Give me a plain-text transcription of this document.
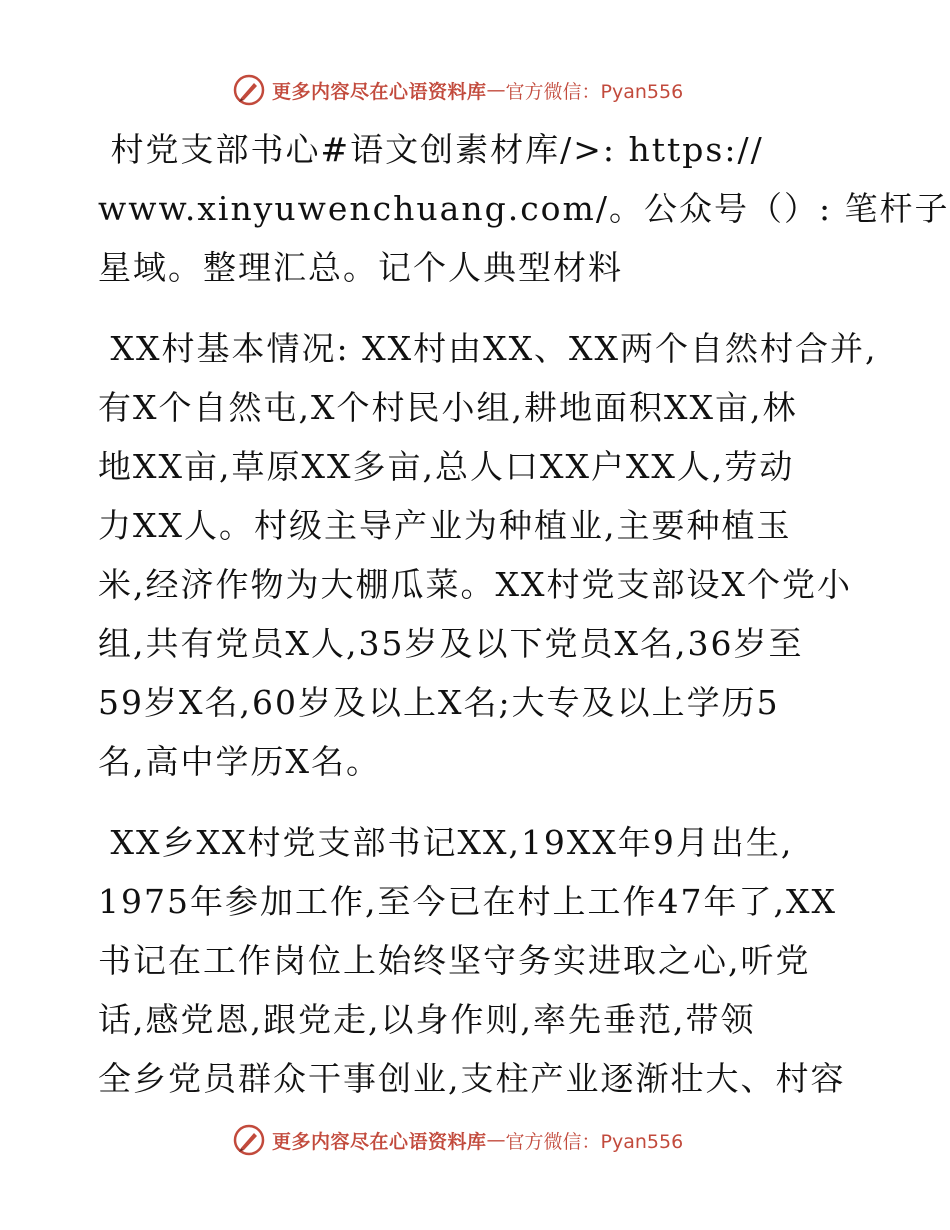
更多内容尽在心语资料库 — 官方微信：Pyan556
村党支部书心#语文创素材库/>: https://
www.xinyuwenchuang.com/。公众号（）: 笔杆子
星域。整理汇总。记个人典型材料
XX村基本情况: XX村由XX、XX两个自然村合并,
有X个自然屯,X个村民小组,耕地面积XX亩,林
地XX亩,草原XX多亩,总人口XX户XX人,劳动
力XX人。村级主导产业为种植业,主要种植玉
米,经济作物为大棚瓜菜。XX村党支部设X个党小
组,共有党员X人,35岁及以下党员X名,36岁至
59岁X名,60岁及以上X名;大专及以上学历5
名,高中学历X名。
XX乡XX村党支部书记XX,19XX年9月出生,
1975年参加工作,至今已在村上工作47年了,XX
书记在工作岗位上始终坚守务实进取之心,听党
话,感党恩,跟党走,以身作则,率先垂范,带领
全乡党员群众干事创业,支柱产业逐渐壮大、村容
更多内容尽在心语资料库 — 官方微信：Pyan556
